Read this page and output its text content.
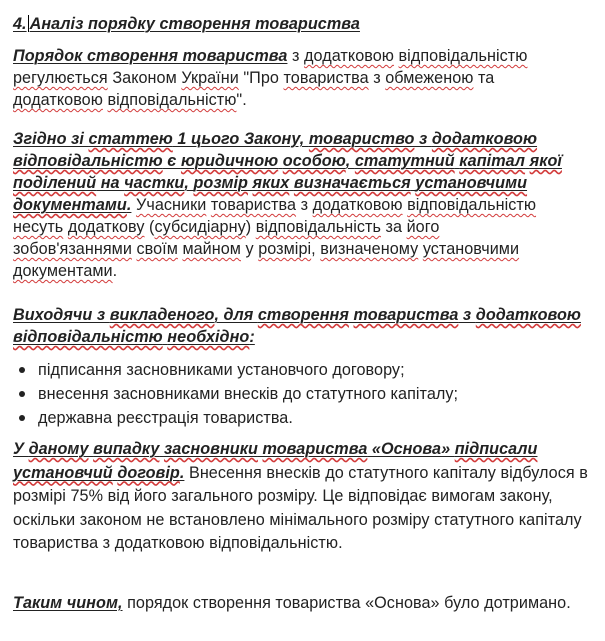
4. Аналіз порядку створення товариства

Порядок створення товариства з додатковою відповідальністю
регулюється Законом України "Про товариства з обмеженою та
додатковою відповідальністю".

Згідно зі статтею 1 цього Закону, товариство з додатковою
відповідальністю є юридичною особою, статутний капітал якої
поділений на частки, розмір яких визначається установчими
документами. Учасники товариства з додатковою відповідальністю
несуть додаткову (субсидіарну) відповідальність за його
зобов'язаннями своїм майном у розмірі, визначеному установчими
документами.

Виходячи з викладеного, для створення товариства з додатковою
відповідальністю необхідно:

підписання засновниками установчого договору;
внесення засновниками внесків до статутного капіталу;
державна реєстрація товариства.

У даному випадку засновники товариства «Основа» підписали
установчий договір. Внесення внесків до статутного капіталу відбулося в розмірі 75% від його загального розміру. Це відповідає вимогам закону, оскільки законом не встановлено мінімального розміру статутного капіталу товариства з додатковою відповідальністю.

Таким чином, порядок створення товариства «Основа» було дотримано.
